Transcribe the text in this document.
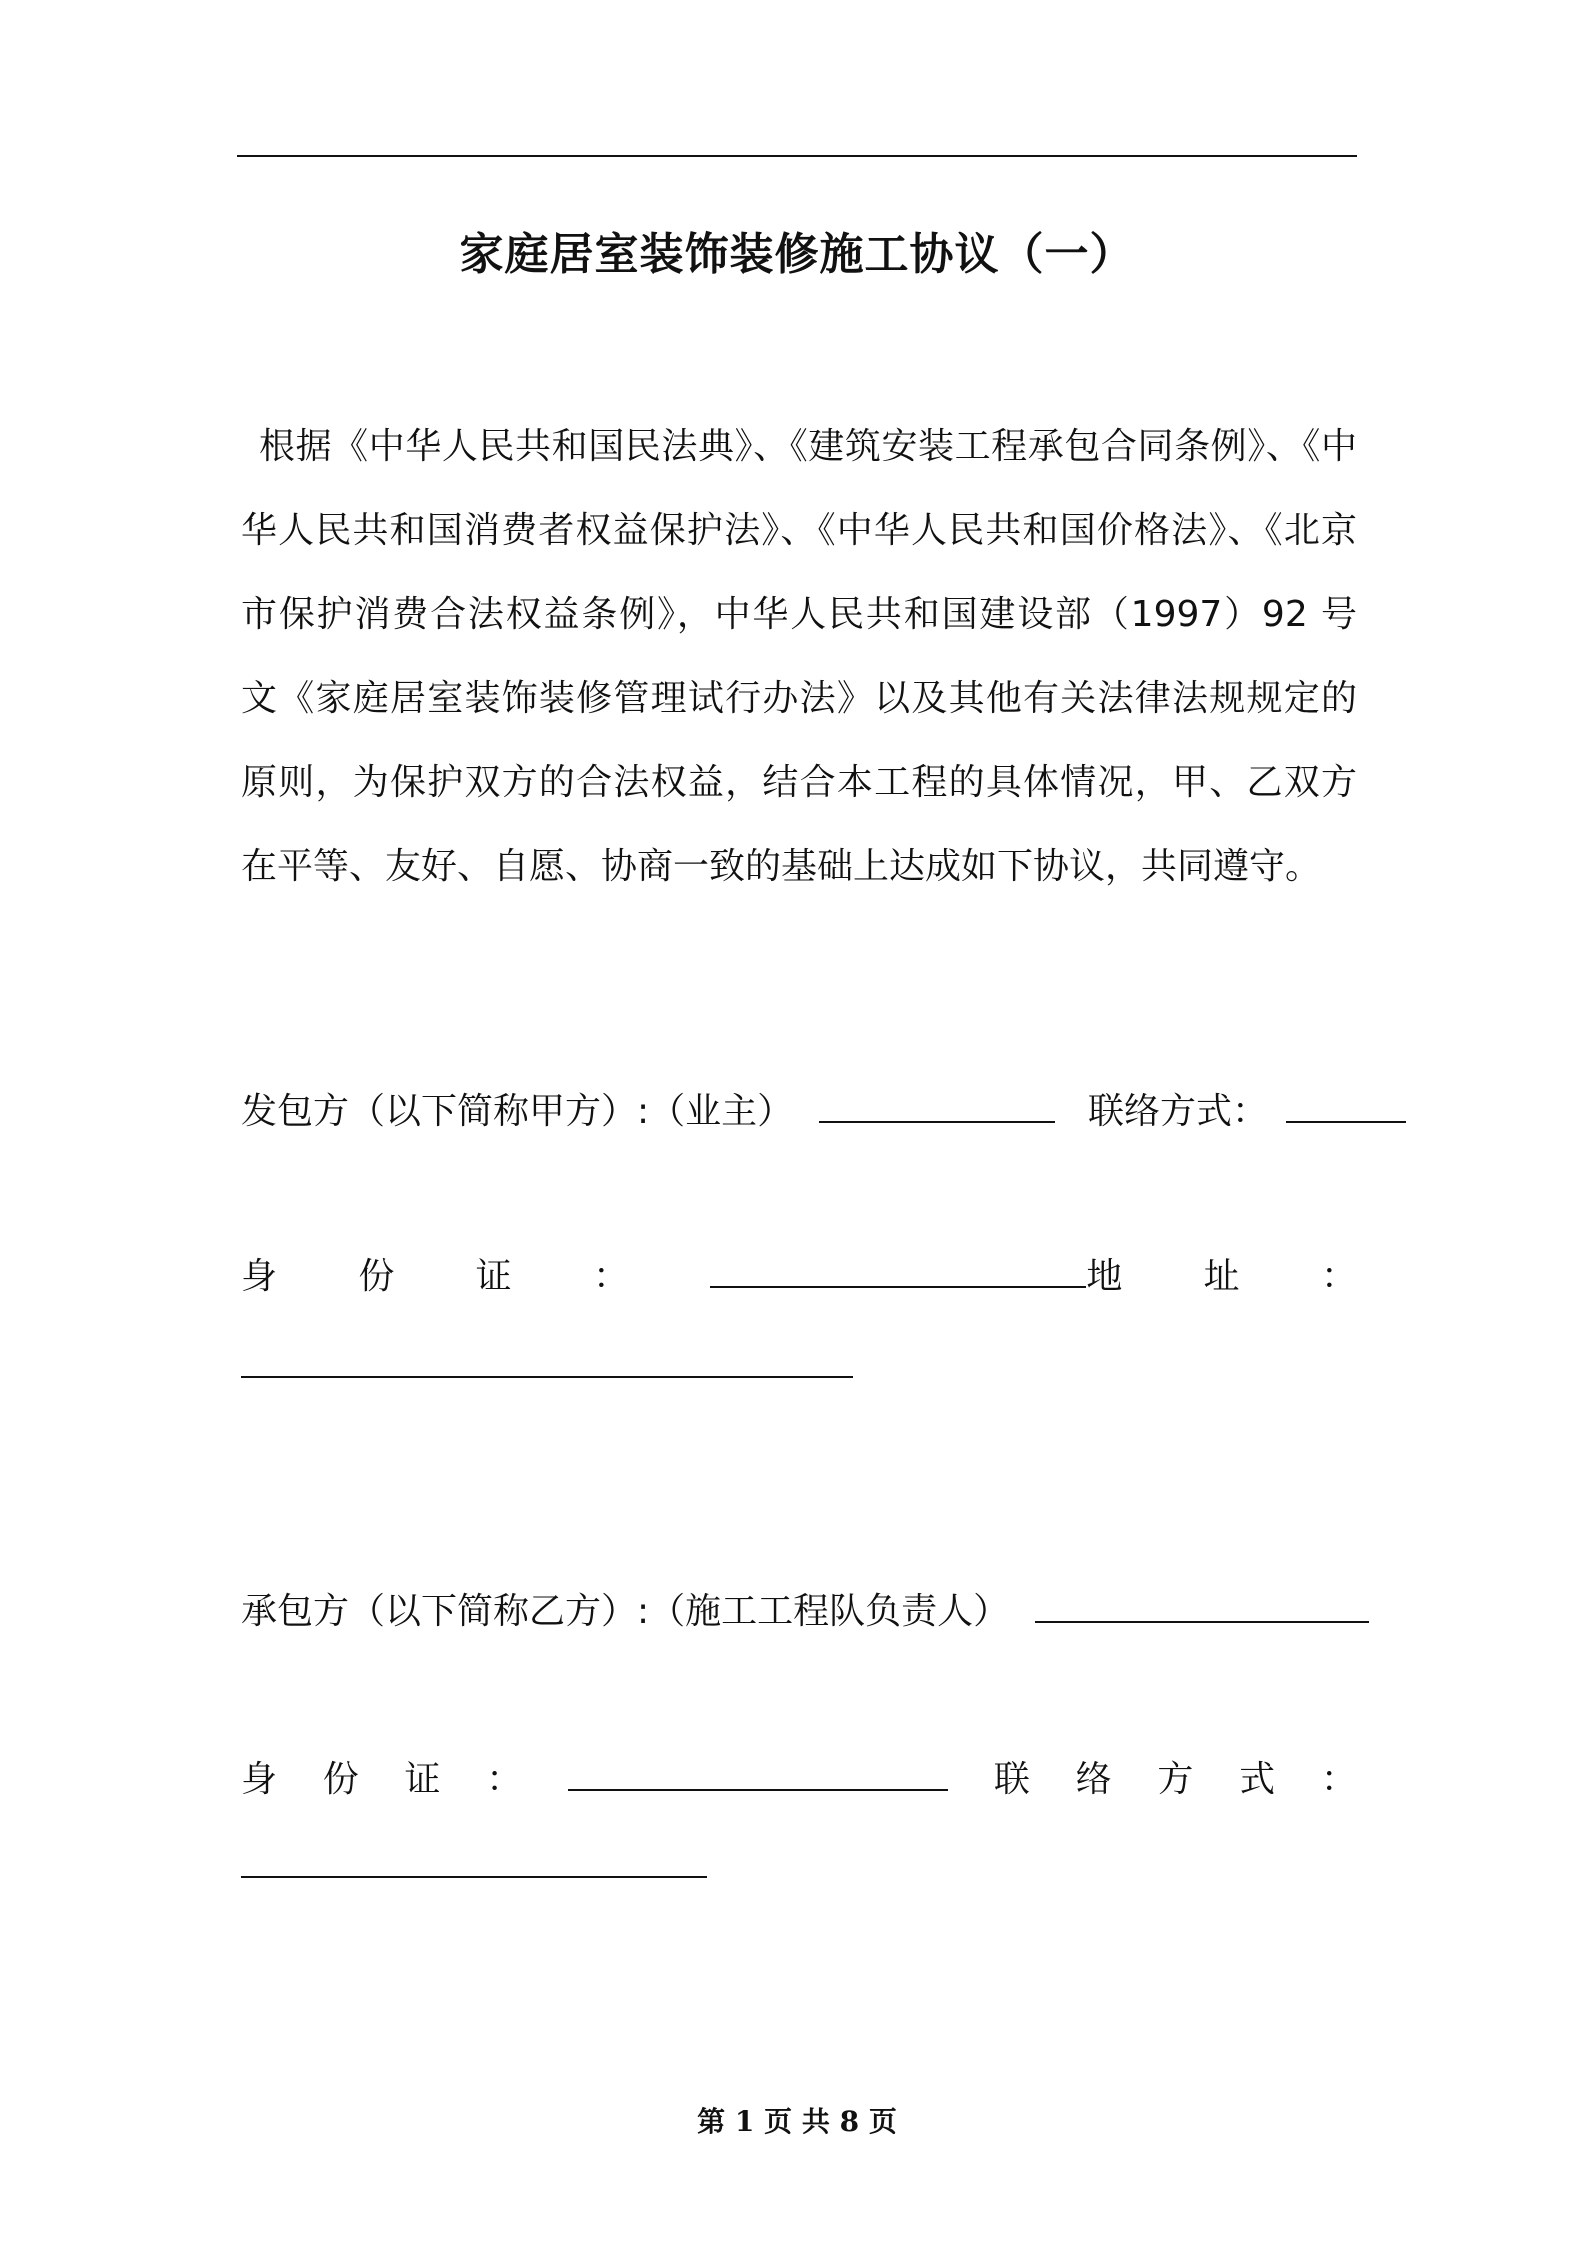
家庭居室装饰装修施工协议（一）
根据《中华人民共和国民法典》、《建筑安装工程承包合同条例》、《中
华人民共和国消费者权益保护法》、《中华人民共和国价格法》、《北京
市保护消费合法权益条例》，中华人民共和国建设部（1997）92 号
文《家庭居室装饰装修管理试行办法》以及其他有关法律法规规定的
原则，为保护双方的合法权益，结合本工程的具体情况，甲、乙双方
在平等、友好、自愿、协商一致的基础上达成如下协议，共同遵守。
发包方（以下简称甲方）:（业主）	联络方式：
身 份 证 ：	地 址 ：
承包方（以下简称乙方）:（施工工程队负责人）
身 份 证 ：	联 络 方 式 ：
第 1 页 共 8 页
